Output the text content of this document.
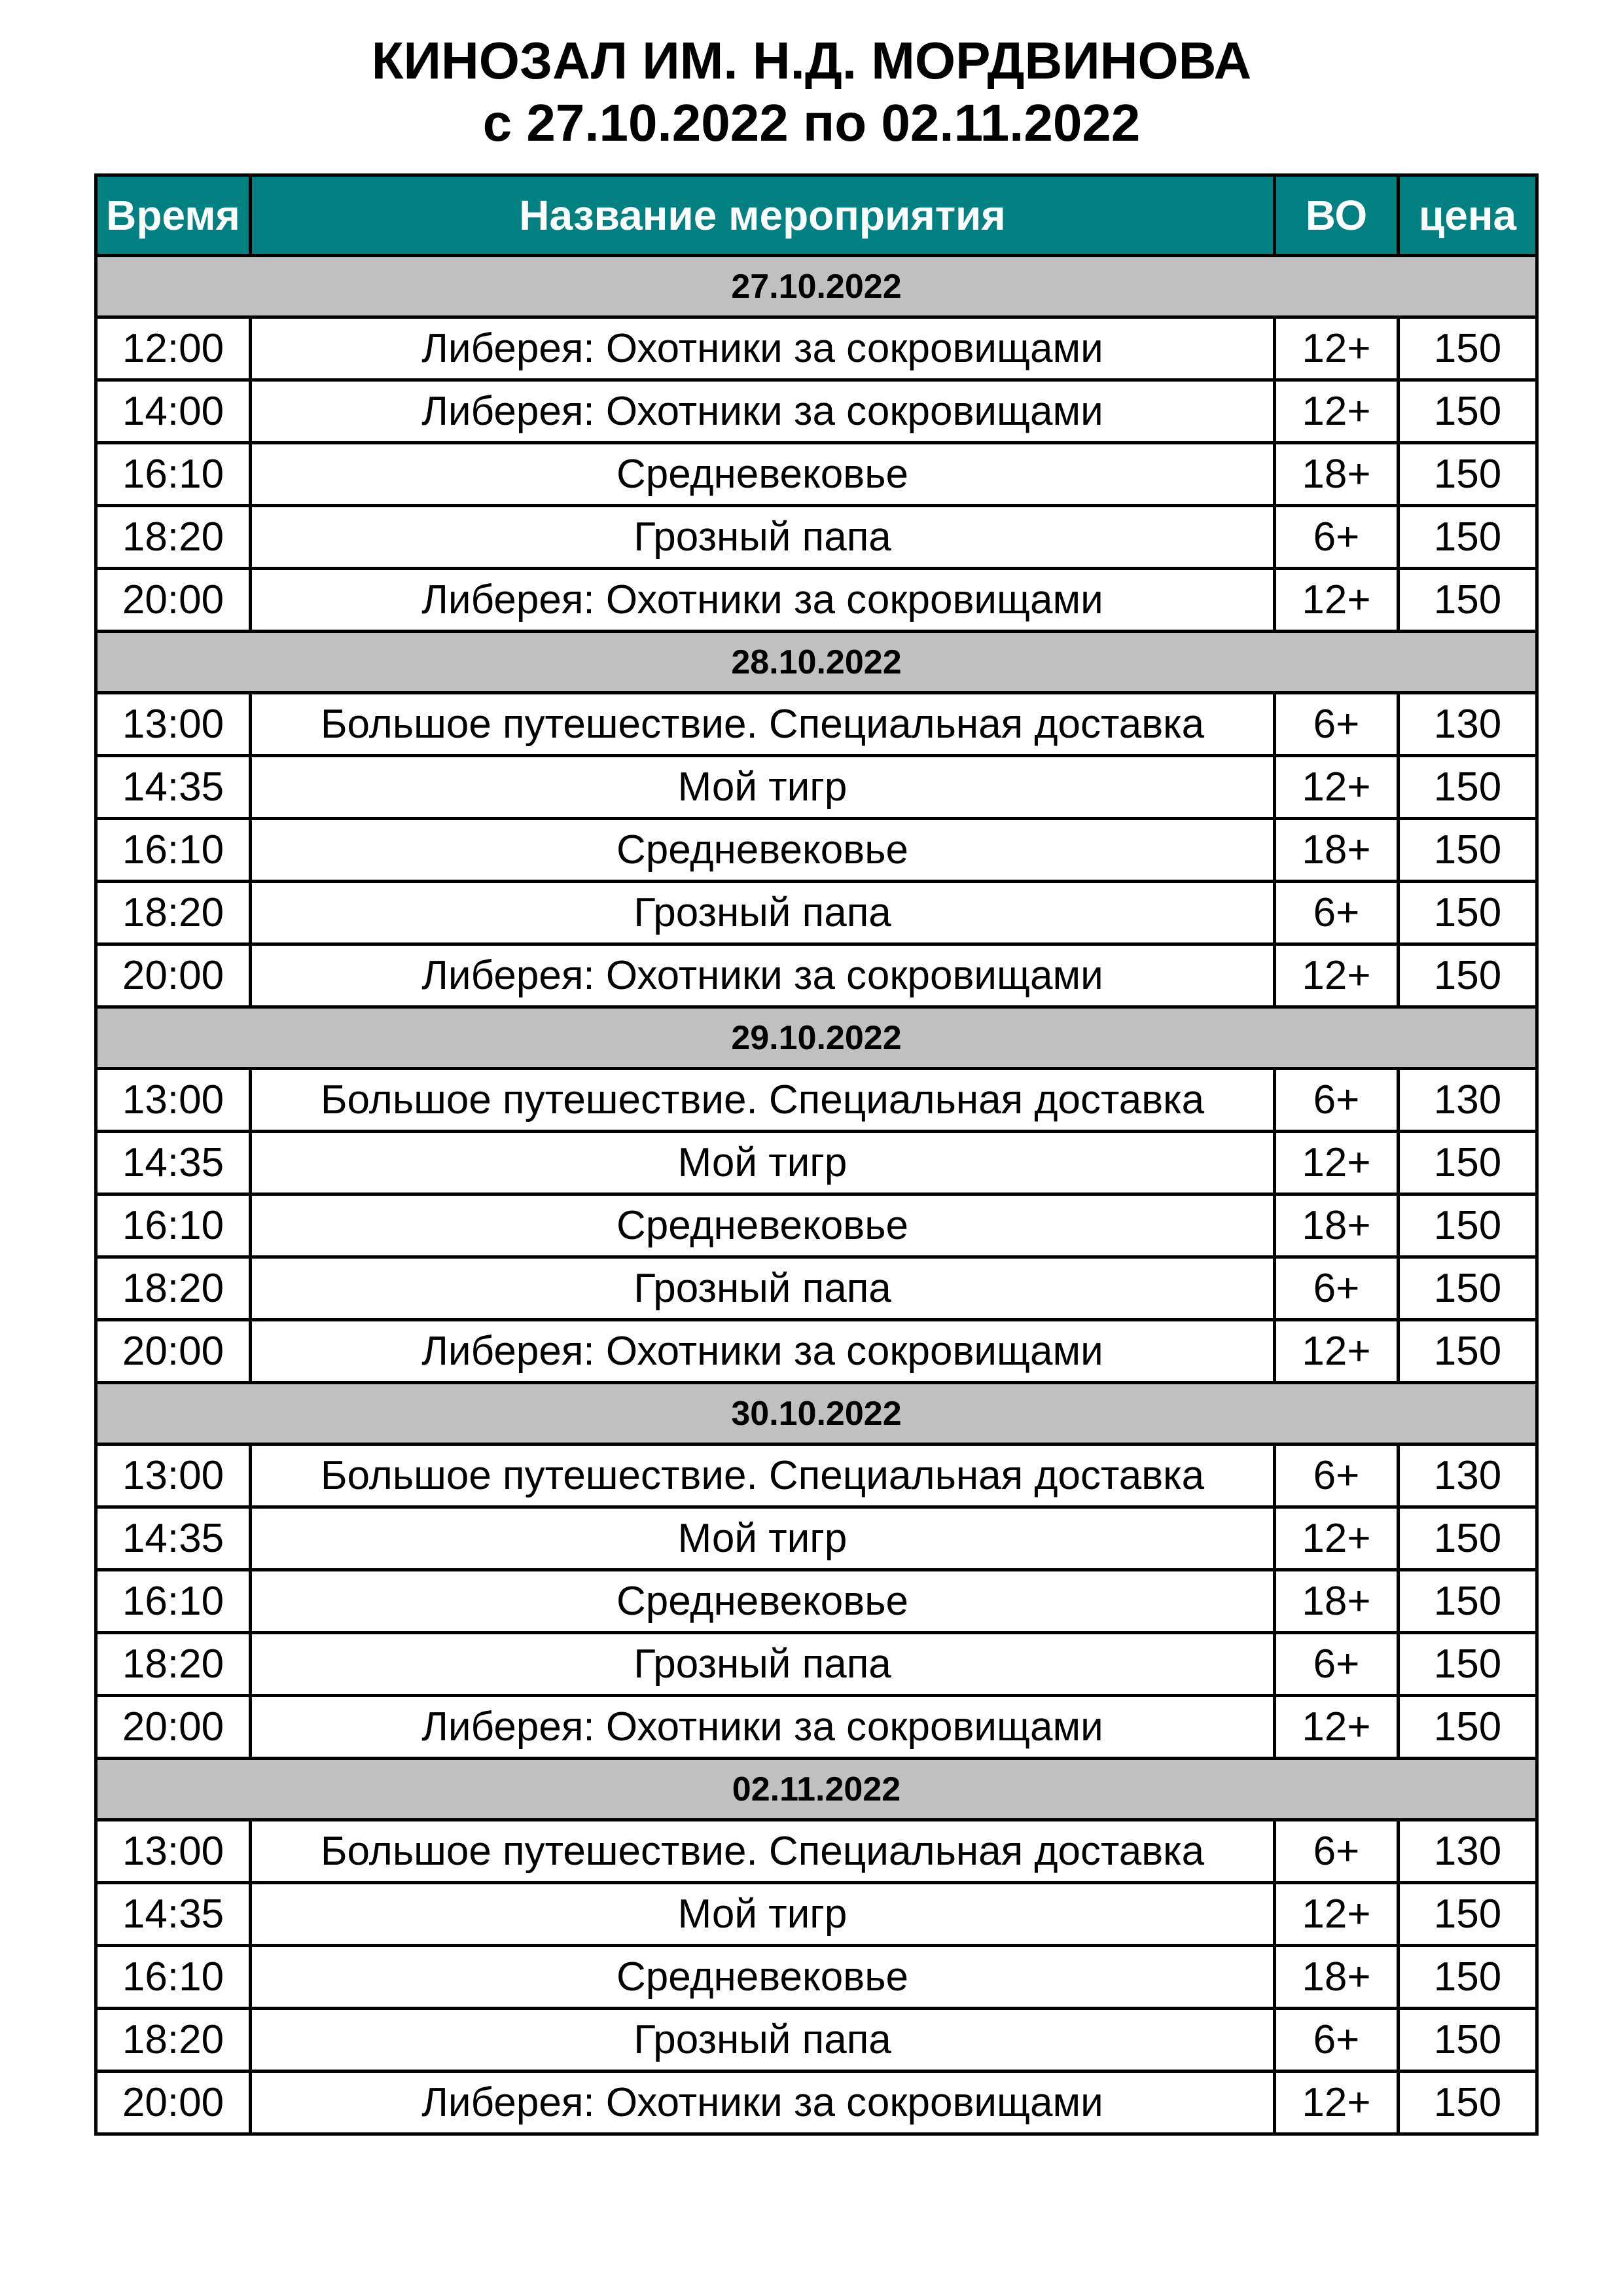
КИНОЗАЛ ИМ. Н.Д. МОРДВИНОВА
с 27.10.2022 по 02.11.2022
Время	Название мероприятия	ВО	цена
27.10.2022			
12:00	Либерея: Охотники за сокровищами	12+	150
14:00	Либерея: Охотники за сокровищами	12+	150
16:10	Средневековье	18+	150
18:20	Грозный папа	6+	150
20:00	Либерея: Охотники за сокровищами	12+	150
28.10.2022			
13:00	Большое путешествие. Специальная доставка	6+	130
14:35	Мой тигр	12+	150
16:10	Средневековье	18+	150
18:20	Грозный папа	6+	150
20:00	Либерея: Охотники за сокровищами	12+	150
29.10.2022			
13:00	Большое путешествие. Специальная доставка	6+	130
14:35	Мой тигр	12+	150
16:10	Средневековье	18+	150
18:20	Грозный папа	6+	150
20:00	Либерея: Охотники за сокровищами	12+	150
30.10.2022			
13:00	Большое путешествие. Специальная доставка	6+	130
14:35	Мой тигр	12+	150
16:10	Средневековье	18+	150
18:20	Грозный папа	6+	150
20:00	Либерея: Охотники за сокровищами	12+	150
02.11.2022			
13:00	Большое путешествие. Специальная доставка	6+	130
14:35	Мой тигр	12+	150
16:10	Средневековье	18+	150
18:20	Грозный папа	6+	150
20:00	Либерея: Охотники за сокровищами	12+	150
